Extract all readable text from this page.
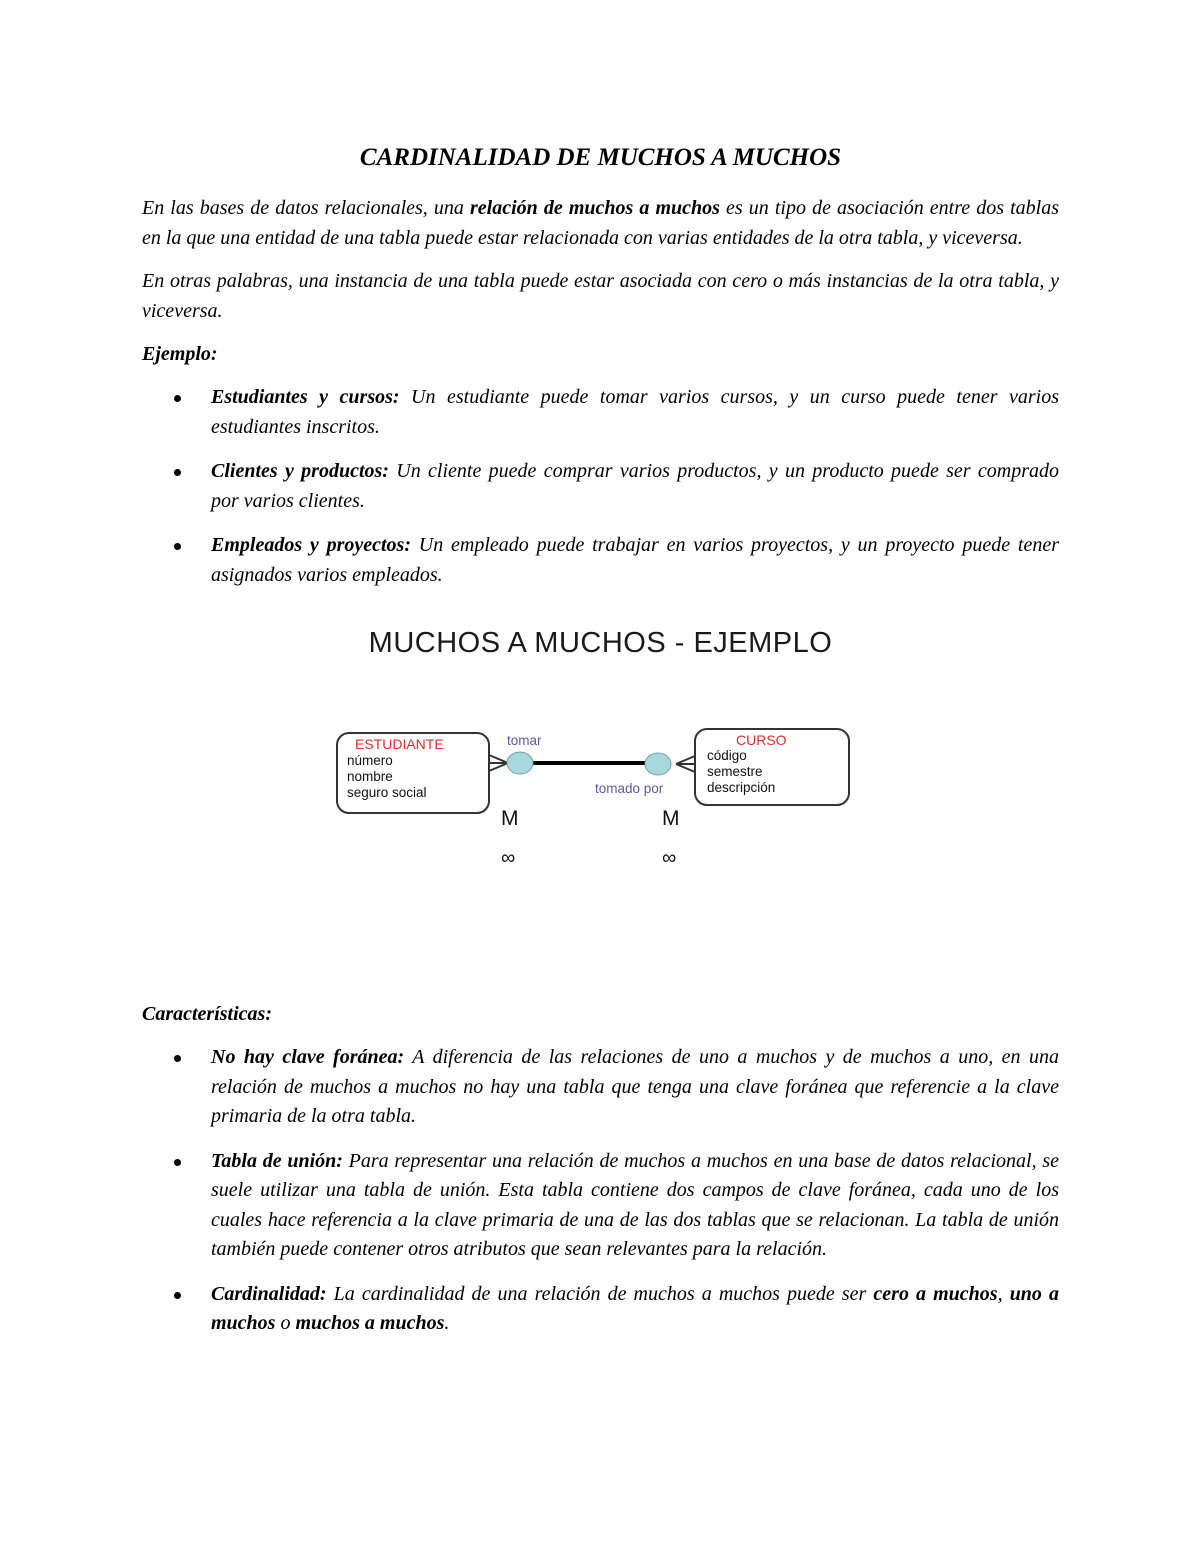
CARDINALIDAD DE MUCHOS A MUCHOS

En las bases de datos relacionales, una relación de muchos a muchos es un tipo de asociación entre dos tablas en la que una entidad de una tabla puede estar relacionada con varias entidades de la otra tabla, y viceversa.

En otras palabras, una instancia de una tabla puede estar asociada con cero o más instancias de la otra tabla, y viceversa.

Ejemplo:
Estudiantes y cursos: Un estudiante puede tomar varios cursos, y un curso puede tener varios estudiantes inscritos.
Clientes y productos: Un cliente puede comprar varios productos, y un producto puede ser comprado por varios clientes.
Empleados y proyectos: Un empleado puede trabajar en varios proyectos, y un proyecto puede tener asignados varios empleados.
MUCHOS A MUCHOS - EJEMPLO
ESTUDIANTE
número
nombre
seguro social
CURSO
código
semestre
descripción
tomar
tomado por
M	M
∞	∞
Características:
No hay clave foránea: A diferencia de las relaciones de uno a muchos y de muchos a uno, en una relación de muchos a muchos no hay una tabla que tenga una clave foránea que referencie a la clave primaria de la otra tabla.
Tabla de unión: Para representar una relación de muchos a muchos en una base de datos relacional, se suele utilizar una tabla de unión. Esta tabla contiene dos campos de clave foránea, cada uno de los cuales hace referencia a la clave primaria de una de las dos tablas que se relacionan. La tabla de unión también puede contener otros atributos que sean relevantes para la relación.
Cardinalidad: La cardinalidad de una relación de muchos a muchos puede ser cero a muchos, uno a muchos o muchos a muchos.
